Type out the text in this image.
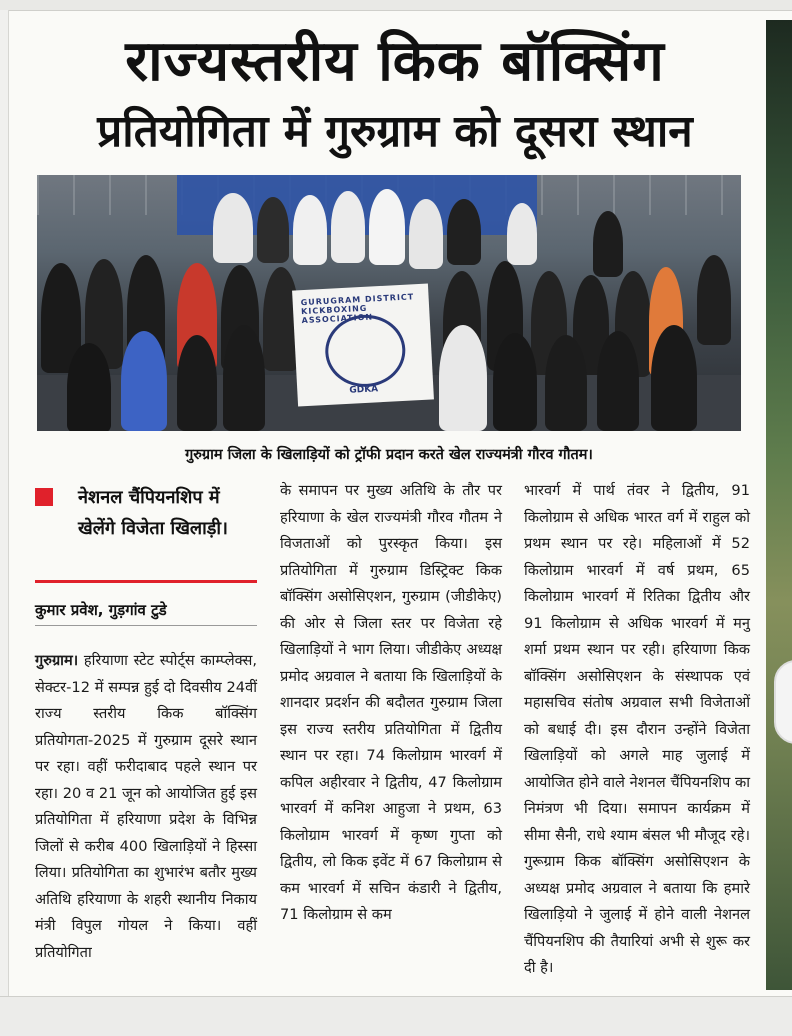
राज्यस्तरीय किक बॉक्सिंग
प्रतियोगिता में गुरुग्राम को दूसरा स्थान
GURUGRAM DISTRICT KICKBOXING ASSOCIATION
GDKA
गुरुग्राम जिला के खिलाड़ियों को ट्रॉफी प्रदान करते खेल राज्यमंत्री गौरव गौतम।
नेशनल चैंपियनशिप में खेलेंगे विजेता खिलाड़ी।
कुमार प्रवेश, गुड़गांव टुडे

गुरुग्राम। हरियाणा स्टेट स्पोर्ट्स काम्प्लेक्स, सेक्टर-12 में सम्पन्न हुई दो दिवसीय 24वीं राज्य स्तरीय किक बॉक्सिंग प्रतियोगता-2025 में गुरुग्राम दूसरे स्थान पर रहा। वहीं फरीदाबाद पहले स्थान पर रहा। 20 व 21 जून को आयोजित हुई इस प्रतियोगिता में हरियाणा प्रदेश के विभिन्न जिलों से करीब 400 खिलाड़ियों ने हिस्सा लिया। प्रतियोगिता का शुभारंभ बतौर मुख्य अतिथि हरियाणा के शहरी स्थानीय निकाय मंत्री विपुल गोयल ने किया। वहीं प्रतियोगिता

के समापन पर मुख्य अतिथि के तौर पर हरियाणा के खेल राज्यमंत्री गौरव गौतम ने विजताओं को पुरस्कृत किया। इस प्रतियोगिता में गुरुग्राम डिस्ट्रिक्ट किक बॉक्सिंग असोसिएशन, गुरुग्राम (जीडीकेए) की ओर से जिला स्तर पर विजेता रहे खिलाड़ियों ने भाग लिया। जीडीकेए अध्यक्ष प्रमोद अग्रवाल ने बताया कि खिलाड़ियों के शानदार प्रदर्शन की बदौलत गुरुग्राम जिला इस राज्य स्तरीय प्रतियोगिता में द्वितीय स्थान पर रहा। 74 किलोग्राम भारवर्ग में कपिल अहीरवार ने द्वितीय, 47 किलोग्राम भारवर्ग में कनिश आहुजा ने प्रथम, 63 किलोग्राम भारवर्ग में कृष्ण गुप्ता को द्वितीय, लो किक इवेंट में 67 किलोग्राम से कम भारवर्ग में सचिन कंडारी ने द्वितीय, 71 किलोग्राम से कम

भारवर्ग में पार्थ तंवर ने द्वितीय, 91 किलोग्राम से अधिक भारत वर्ग में राहुल को प्रथम स्थान पर रहे। महिलाओं में 52 किलोग्राम भारवर्ग में वर्ष प्रथम, 65 किलोग्राम भारवर्ग में रितिका द्वितीय और 91 किलोग्राम से अधिक भारवर्ग में मनु शर्मा प्रथम स्थान पर रही। हरियाणा किक बॉक्सिंग असोसिएशन के संस्थापक एवं महासचिव संतोष अग्रवाल सभी विजेताओं को बधाई दी। इस दौरान उन्होंने विजेता खिलाड़ियों को अगले माह जुलाई में आयोजित होने वाले नेशनल चैंपियनशिप का निमंत्रण भी दिया। समापन कार्यक्रम में सीमा सैनी, राधे श्याम बंसल भी मौजूद रहे। गुरूग्राम किक बॉक्सिंग असोसिएशन के अध्यक्ष प्रमोद अग्रवाल ने बताया कि हमारे खिलाड़ियो ने जुलाई में होने वाली नेशनल चैंपियनशिप की तैयारियां अभी से शुरू कर दी है।
